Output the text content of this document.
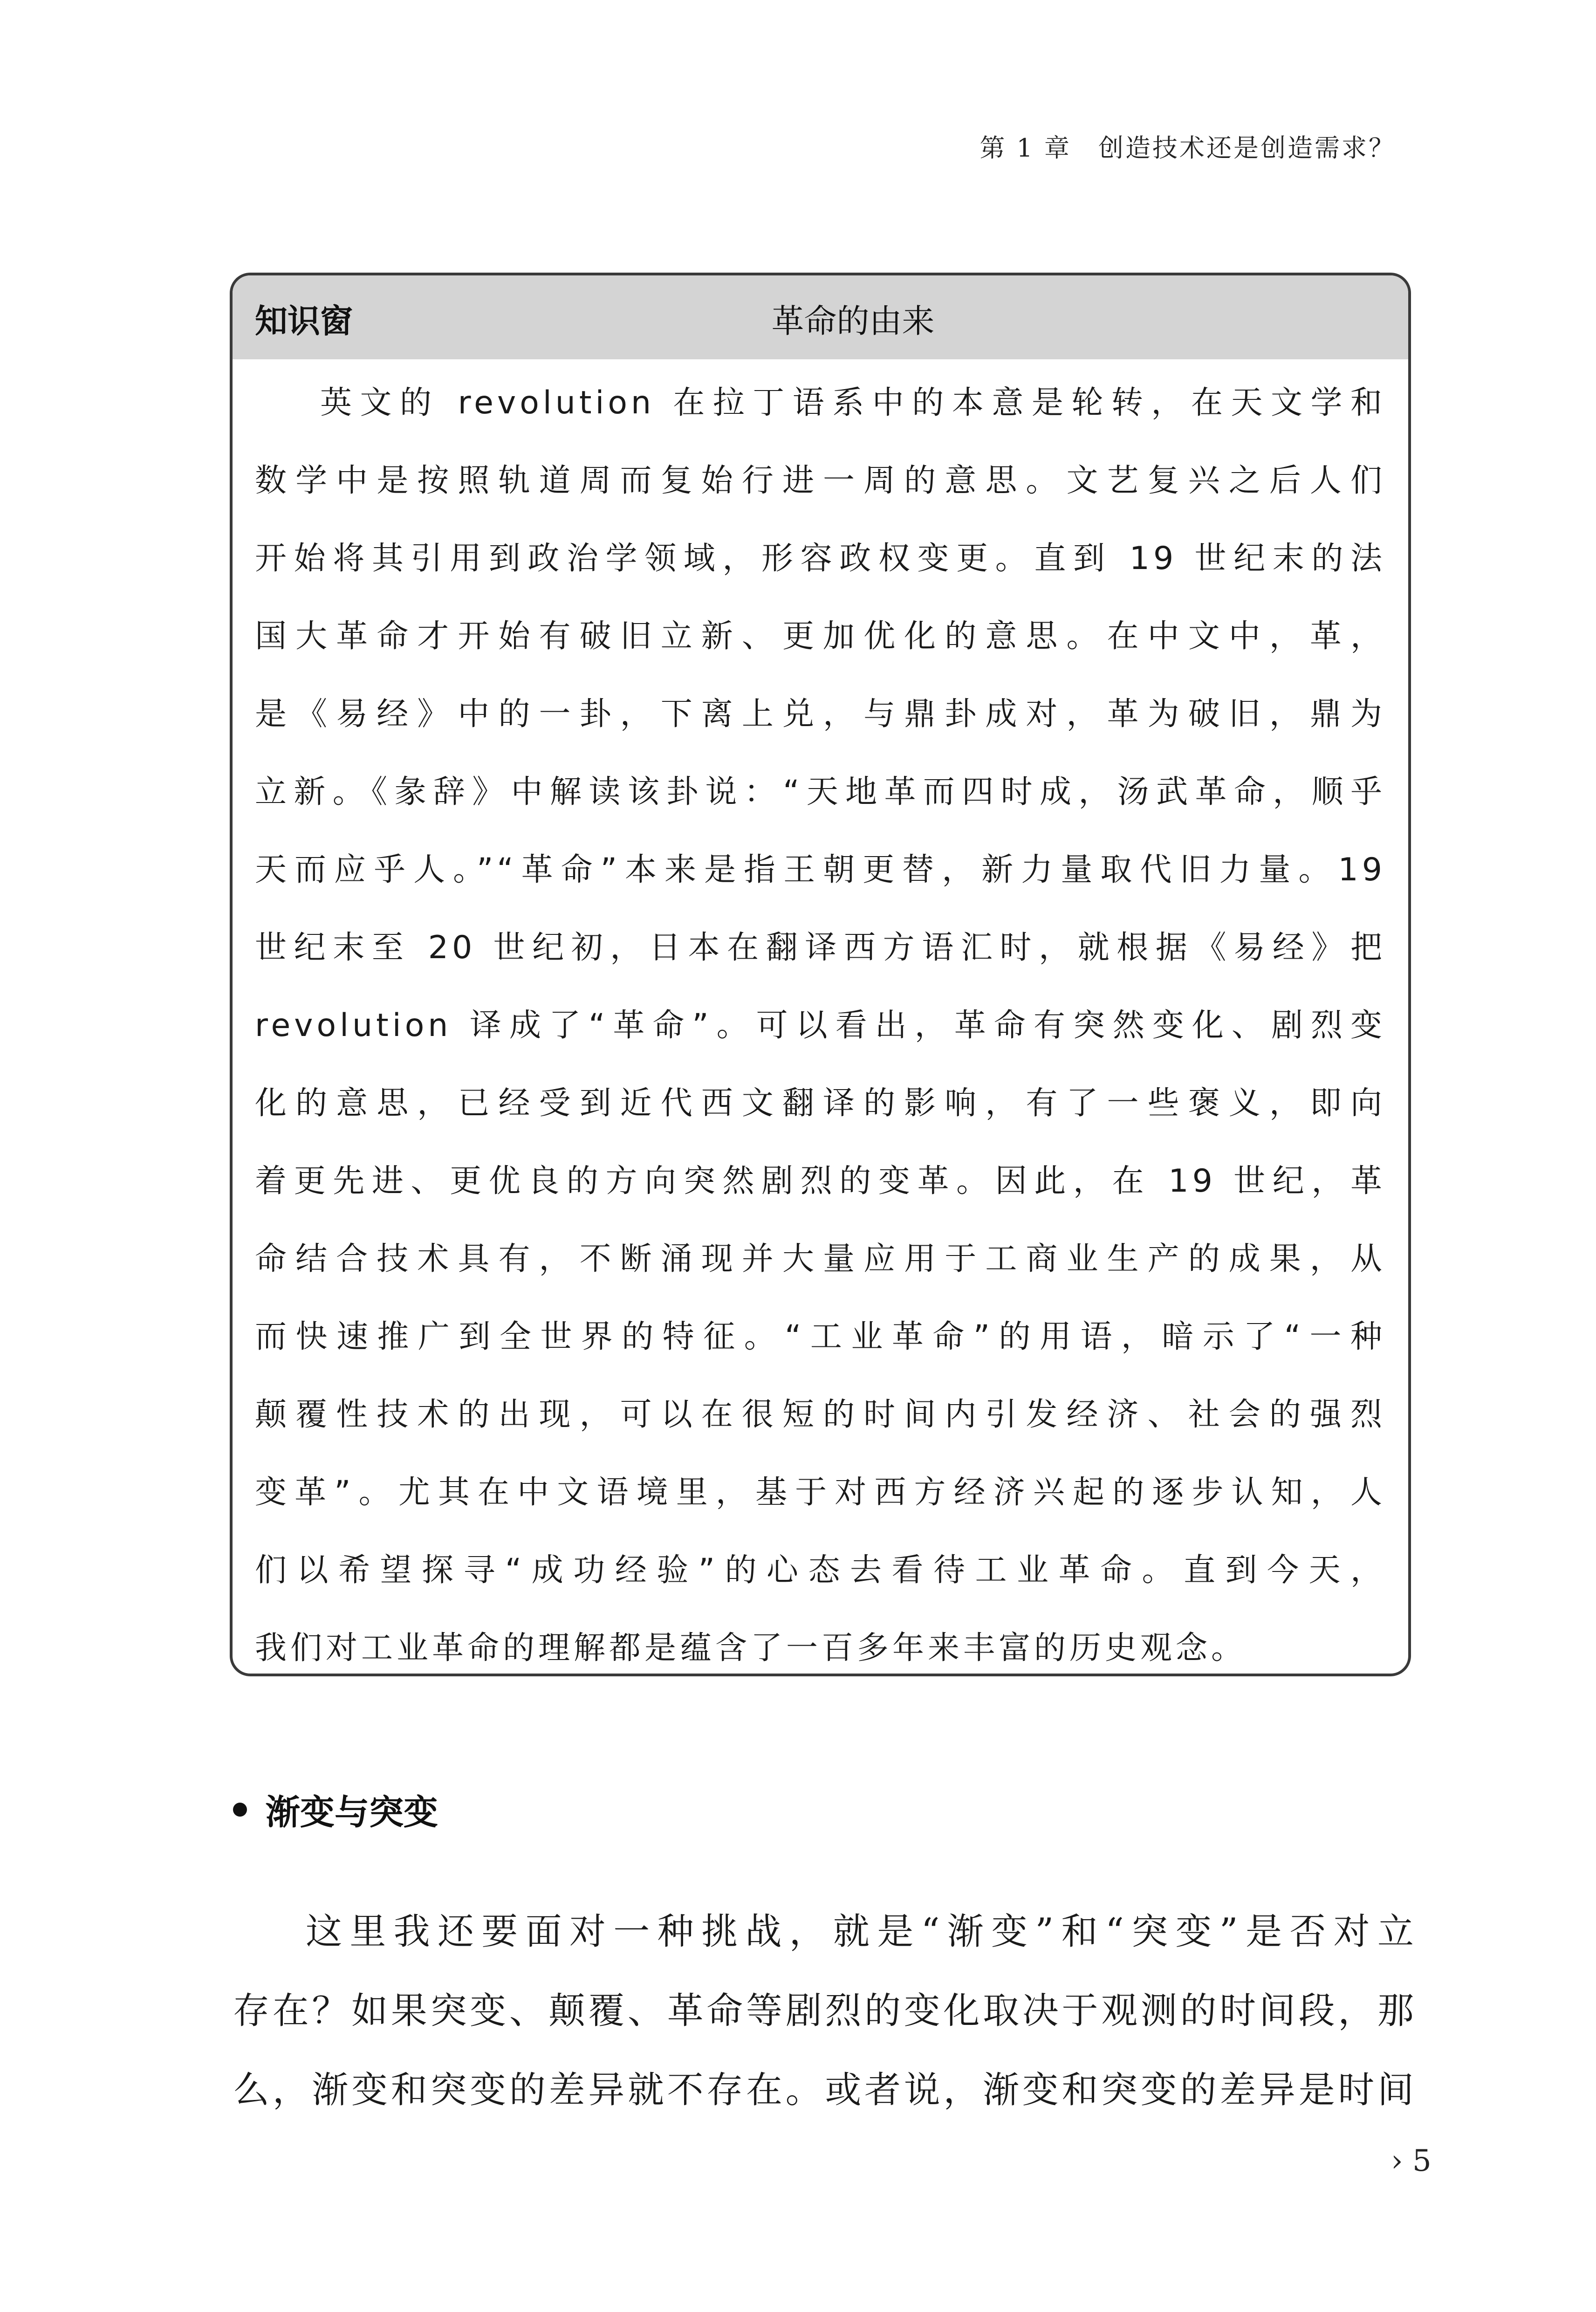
第 1 章　创造技术还是创造需求？
知识窗	革命的由来
英文的 revolution 在拉丁语系中的本意是轮转，在天文学和
数学中是按照轨道周而复始行进一周的意思。文艺复兴之后人们
开始将其引用到政治学领域，形容政权变更。直到 19 世纪末的法
国大革命才开始有破旧立新、更加优化的意思。在中文中，革，
是《易经》中的一卦，下离上兑，与鼎卦成对，革为破旧，鼎为
立新。《彖辞》中解读该卦说：“天地革而四时成，汤武革命，顺乎
天而应乎人。”“革命”本来是指王朝更替，新力量取代旧力量。19
世纪末至 20 世纪初，日本在翻译西方语汇时，就根据《易经》把
revolution 译成了“革命”。可以看出，革命有突然变化、剧烈变
化的意思，已经受到近代西文翻译的影响，有了一些褒义，即向
着更先进、更优良的方向突然剧烈的变革。因此，在 19 世纪，革
命结合技术具有，不断涌现并大量应用于工商业生产的成果，从
而快速推广到全世界的特征。“工业革命”的用语，暗示了“一种
颠覆性技术的出现，可以在很短的时间内引发经济、社会的强烈
变革”。尤其在中文语境里，基于对西方经济兴起的逐步认知，人
们以希望探寻“成功经验”的心态去看待工业革命。直到今天，
我们对工业革命的理解都是蕴含了一百多年来丰富的历史观念。
渐变与突变
这里我还要面对一种挑战，就是“渐变”和“突变”是否对立
存在？如果突变、颠覆、革命等剧烈的变化取决于观测的时间段，那
么，渐变和突变的差异就不存在。或者说，渐变和突变的差异是时间
› 5
